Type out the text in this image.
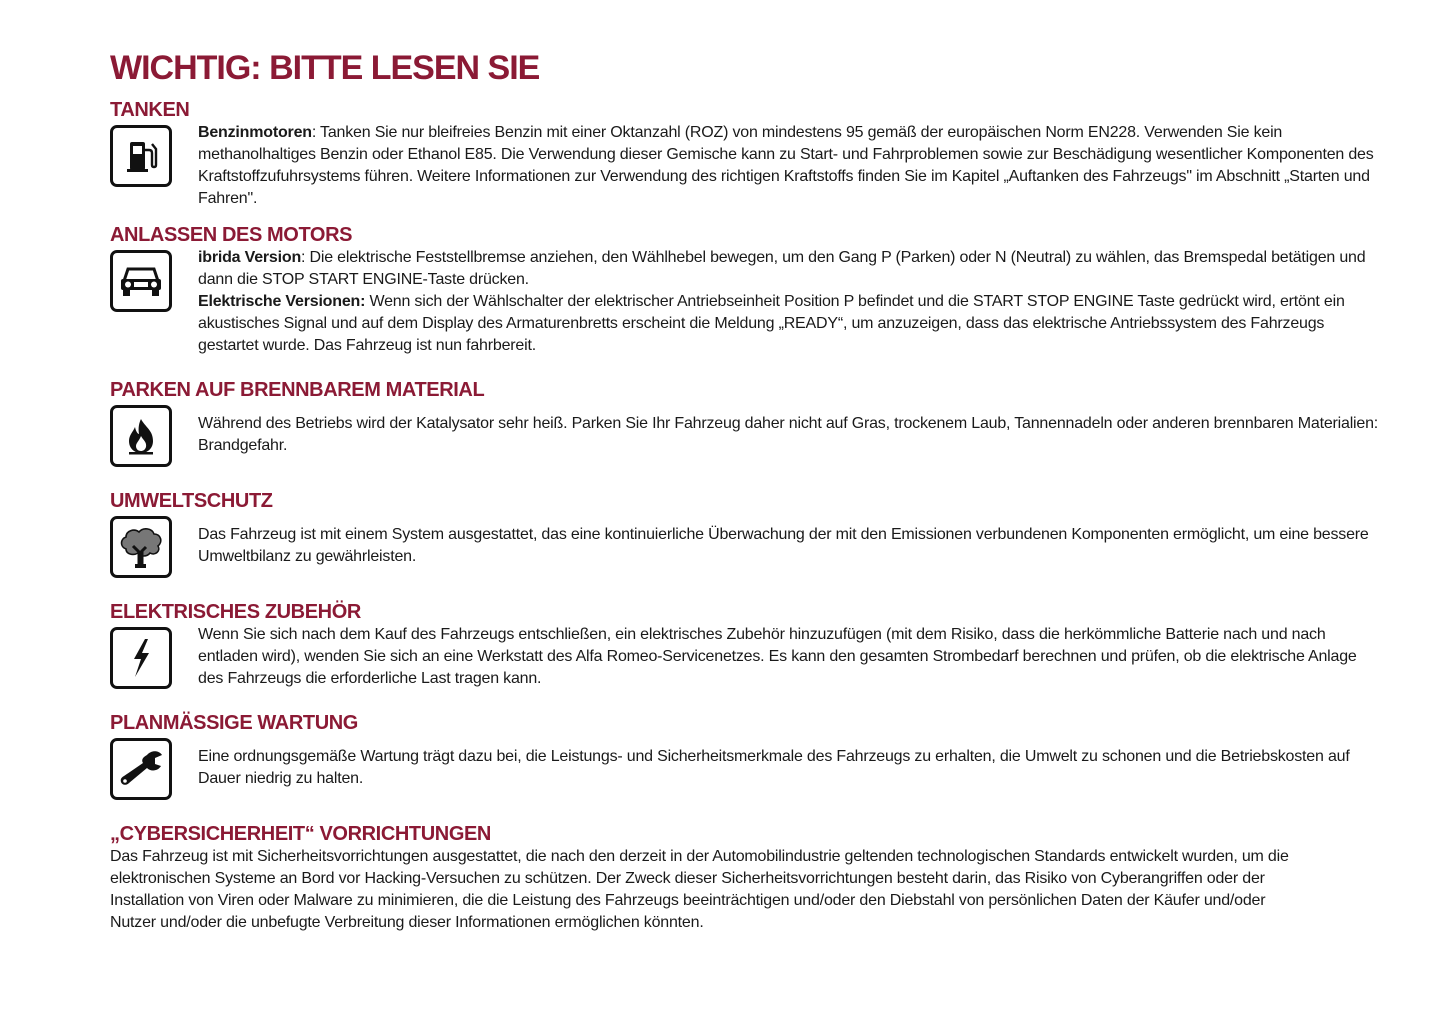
WICHTIG: BITTE LESEN SIE
TANKEN

Benzinmotoren: Tanken Sie nur bleifreies Benzin mit einer Oktanzahl (ROZ) von mindestens 95 gemäß der europäischen Norm EN228. Verwenden Sie kein methanolhaltiges Benzin oder Ethanol E85. Die Verwendung dieser Gemische kann zu Start- und Fahrproblemen sowie zur Beschädigung wesentlicher Komponenten des Kraftstoffzufuhrsystems führen. Weitere Informationen zur Verwendung des richtigen Kraftstoffs finden Sie im Kapitel „Auftanken des Fahrzeugs" im Abschnitt „Starten und Fahren".

ANLASSEN DES MOTORS

ibrida Version: Die elektrische Feststellbremse anziehen, den Wählhebel bewegen, um den Gang P (Parken) oder N (Neutral) zu wählen, das Bremspedal betätigen und dann die STOP START ENGINE-Taste drücken.

Elektrische Versionen: Wenn sich der Wählschalter der elektrischer Antriebseinheit Position P befindet und die START STOP ENGINE Taste gedrückt wird, ertönt ein akustisches Signal und auf dem Display des Armaturenbretts erscheint die Meldung „READY“, um anzuzeigen, dass das elektrische Antriebssystem des Fahrzeugs gestartet wurde. Das Fahrzeug ist nun fahrbereit.

PARKEN AUF BRENNBAREM MATERIAL

Während des Betriebs wird der Katalysator sehr heiß. Parken Sie Ihr Fahrzeug daher nicht auf Gras, trockenem Laub, Tannennadeln oder anderen brennbaren Materialien: Brandgefahr.

UMWELTSCHUTZ

Das Fahrzeug ist mit einem System ausgestattet, das eine kontinuierliche Überwachung der mit den Emissionen verbundenen Komponenten ermöglicht, um eine bessere Umweltbilanz zu gewährleisten.

ELEKTRISCHES ZUBEHÖR

Wenn Sie sich nach dem Kauf des Fahrzeugs entschließen, ein elektrisches Zubehör hinzuzufügen (mit dem Risiko, dass die herkömmliche Batterie nach und nach entladen wird), wenden Sie sich an eine Werkstatt des Alfa Romeo-Servicenetzes. Es kann den gesamten Strombedarf berechnen und prüfen, ob die elektrische Anlage des Fahrzeugs die erforderliche Last tragen kann.

PLANMÄSSIGE WARTUNG

Eine ordnungsgemäße Wartung trägt dazu bei, die Leistungs- und Sicherheitsmerkmale des Fahrzeugs zu erhalten, die Umwelt zu schonen und die Betriebskosten auf Dauer niedrig zu halten.

„CYBERSICHERHEIT“ VORRICHTUNGEN

Das Fahrzeug ist mit Sicherheitsvorrichtungen ausgestattet, die nach den derzeit in der Automobilindustrie geltenden technologischen Standards entwickelt wurden, um die elektronischen Systeme an Bord vor Hacking-Versuchen zu schützen. Der Zweck dieser Sicherheitsvorrichtungen besteht darin, das Risiko von Cyberangriffen oder der Installation von Viren oder Malware zu minimieren, die die Leistung des Fahrzeugs beeinträchtigen und/oder den Diebstahl von persönlichen Daten der Käufer und/oder Nutzer und/oder die unbefugte Verbreitung dieser Informationen ermöglichen könnten.
